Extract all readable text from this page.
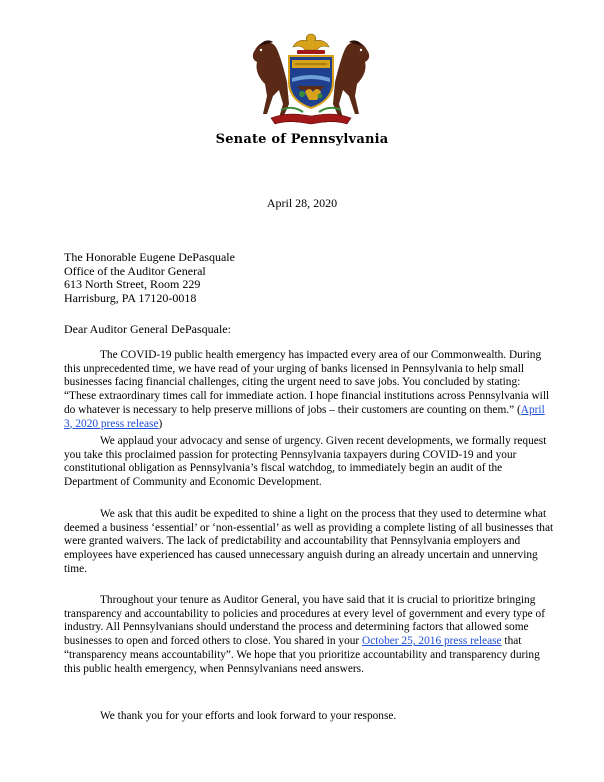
Senate of Pennsylvania
April 28, 2020
The Honorable Eugene DePasquale
Office of the Auditor General
613 North Street, Room 229
Harrisburg, PA 17120-0018
Dear Auditor General DePasquale:

The COVID-19 public health emergency has impacted every area of our Commonwealth. During this unprecedented time, we have read of your urging of banks licensed in Pennsylvania to help small businesses facing financial challenges, citing the urgent need to save jobs. You concluded by stating: “These extraordinary times call for immediate action. I hope financial institutions across Pennsylvania will do whatever is necessary to help preserve millions of jobs – their customers are counting on them.” (April 3, 2020 press release)

We applaud your advocacy and sense of urgency. Given recent developments, we formally request you take this proclaimed passion for protecting Pennsylvania taxpayers during COVID-19 and your constitutional obligation as Pennsylvania’s fiscal watchdog, to immediately begin an audit of the Department of Community and Economic Development.

We ask that this audit be expedited to shine a light on the process that they used to determine what deemed a business ‘essential’ or ‘non-essential’ as well as providing a complete listing of all businesses that were granted waivers. The lack of predictability and accountability that Pennsylvania employers and employees have experienced has caused unnecessary anguish during an already uncertain and unnerving time.

Throughout your tenure as Auditor General, you have said that it is crucial to prioritize bringing transparency and accountability to policies and procedures at every level of government and every type of industry. All Pennsylvanians should understand the process and determining factors that allowed some businesses to open and forced others to close. You shared in your October 25, 2016 press release that “transparency means accountability”. We hope that you prioritize accountability and transparency during this public health emergency, when Pennsylvanians need answers.

We thank you for your efforts and look forward to your response.
